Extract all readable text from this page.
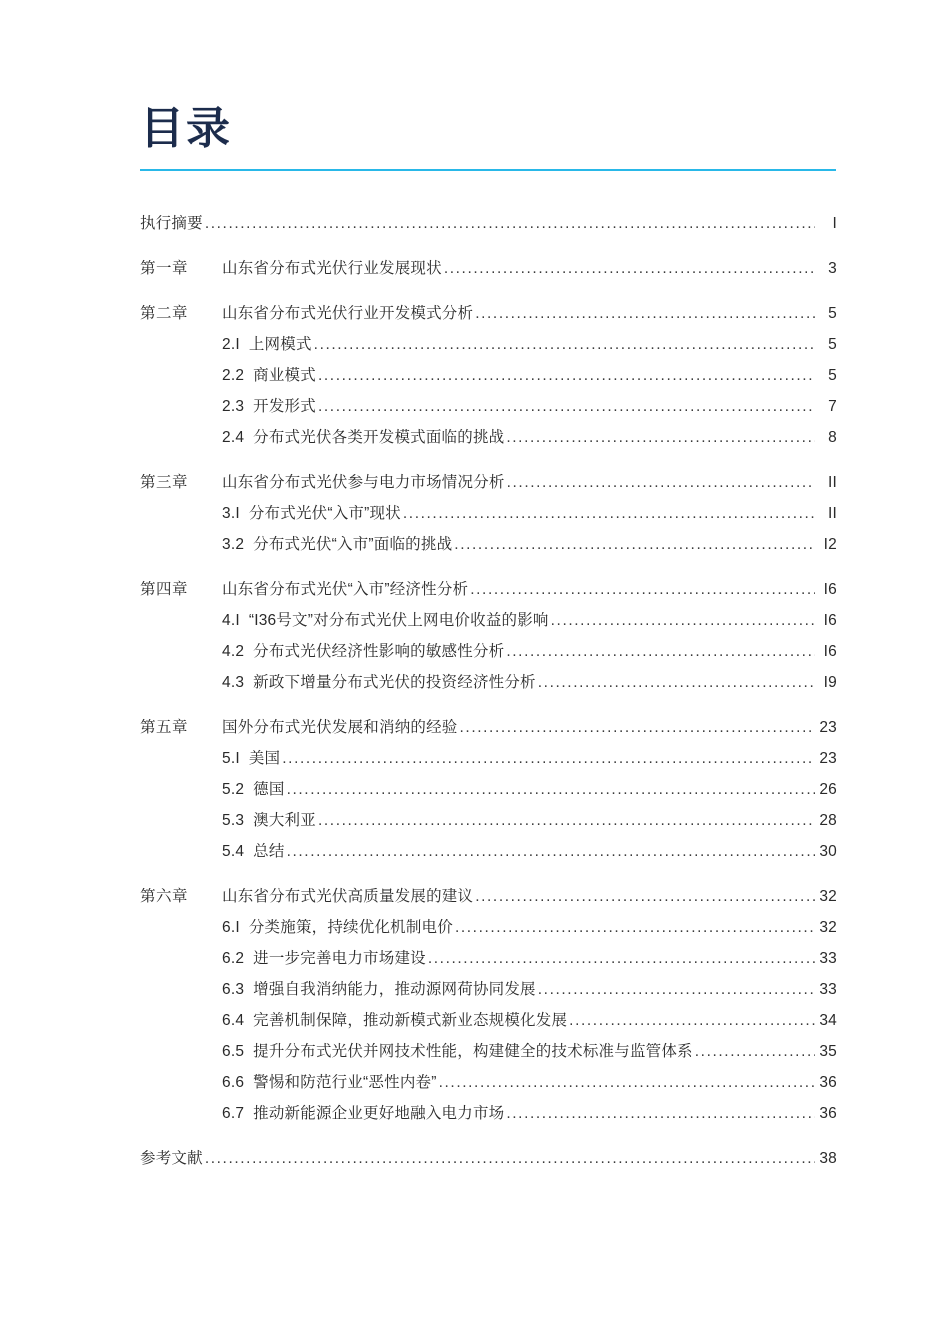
目录
执行摘要 .....	I
第一章	山东省分布式光伏行业发展现状 .....	3
第二章	山东省分布式光伏行业开发模式分析 .....	5
2.I 上网模式 .....	5
2.2 商业模式 .....	5
2.3 开发形式 .....	7
2.4 分布式光伏各类开发模式面临的挑战 .....	8
第三章	山东省分布式光伏参与电力市场情况分析 .....	II
3.I 分布式光伏“入市”现状 .....	II
3.2 分布式光伏“入市”面临的挑战 .....	I2
第四章	山东省分布式光伏“入市”经济性分析 .....	I6
4.I “I36号文”对分布式光伏上网电价收益的影响 .....	I6
4.2 分布式光伏经济性影响的敏感性分析 .....	I6
4.3 新政下增量分布式光伏的投资经济性分析 .....	I9
第五章	国外分布式光伏发展和消纳的经验 .....	23
5.I 美国 .....	23
5.2 德国 .....	26
5.3 澳大利亚 .....	28
5.4 总结 .....	30
第六章	山东省分布式光伏高质量发展的建议 .....	32
6.I 分类施策，持续优化机制电价 .....	32
6.2 进一步完善电力市场建设 .....	33
6.3 增强自我消纳能力，推动源网荷协同发展 .....	33
6.4 完善机制保障，推动新模式新业态规模化发展 .....	34
6.5 提升分布式光伏并网技术性能，构建健全的技术标准与监管体系 .....	35
6.6 警惕和防范行业“恶性内卷” .....	36
6.7 推动新能源企业更好地融入电力市场 .....	36
参考文献 .....	38
